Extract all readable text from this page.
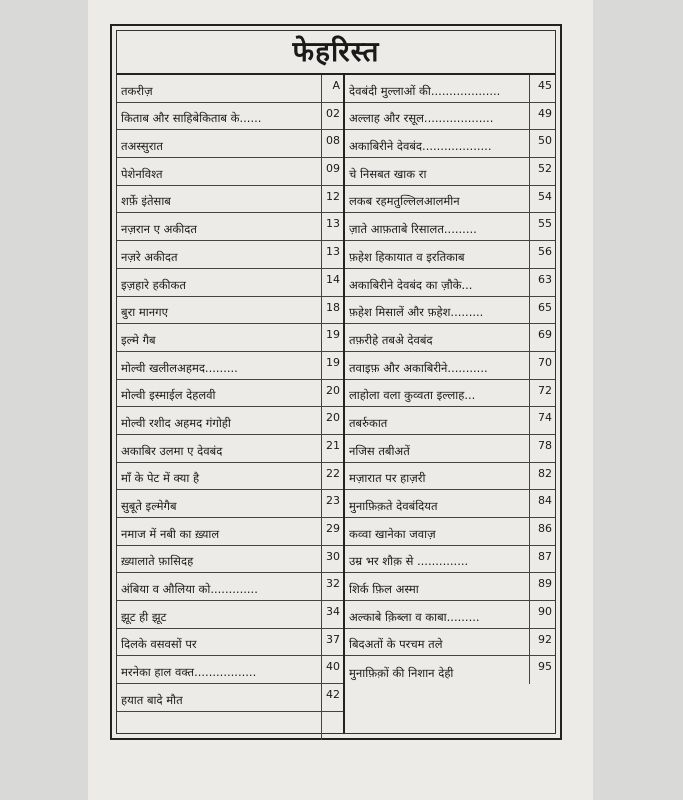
फेहरिस्त
तकरीज़	A
किताब और साहिबेकिताब के......	02
तअस्सुरात	08
पेशेनविश्त	09
शर्फ़े इंतेसाब	12
नज़रान ए अकीदत	13
नज़रे अकीदत	13
इज़हारे हकीकत	14
बुरा मानगए	18
इल्मे गैब	19
मोल्वी खलीलअहमद.........	19
मोल्वी इस्माईल देहलवी	20
मोल्वी रशीद अहमद गंगोही	20
अकाबिर उलमा ए देवबंद	21
माँ के पेट में क्या है	22
सुबूते इल्मेगैब	23
नमाज में नबी का ख़्याल	29
ख़्यालाते फ़ासिदह	30
अंबिया व औलिया को.............	32
झूट ही झूट	34
दिलके वसवसों पर	37
मरनेका हाल वक्त.................	40
हयात बादे मौत	42
देवबंदी मुल्लाओं की...................	45
अल्लाह और रसूल...................	49
अकाबिरीने देवबंद...................	50
चे निसबत खाक रा	52
लकब रहमतुल्लिलआलमीन	54
ज़ाते आफ़ताबे रिसालत.........	55
फ़हेश हिकायात व इरतिकाब	56
अकाबिरीने देवबंद का ज़ौके...	63
फ़हेश मिसालें और फ़हेश.........	65
तफ़रीहे तबअे देवबंद	69
तवाइफ़ और अकाबिरीने...........	70
लाहोला वला कुव्वता इल्लाह...	72
तबर्रुकात	74
नजिस तबीअतें	78
मज़ारात पर हाज़री	82
मुनाफ़िक़ते देवबंदियत	84
कव्वा खानेका जवाज़	86
उम्र भर शौक़ से ..............	87
शिर्क फ़िल अस्मा	89
अल्काबे क़िब्ला व काबा.........	90
बिदअतों के परचम तले	92
मुनाफ़िक़ों की निशान देही	95
